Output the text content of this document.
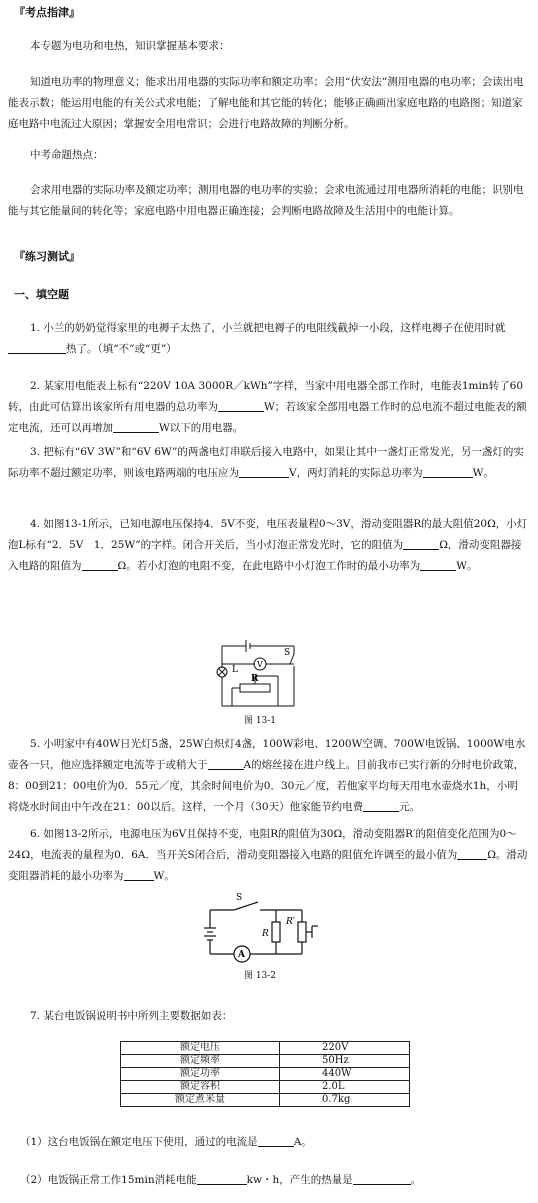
『考点指津』
本专题为电功和电热，知识掌握基本要求：
知道电功率的物理意义；能求出用电器的实际功率和额定功率；会用“伏安法”测用电器的电功率；会读出电能表示数；能运用电能的有关公式求电能；了解电能和其它能的转化；能够正确画出家庭电路的电路图；知道家庭电路中电流过大原因；掌握安全用电常识；会进行电路故障的判断分析。
中考命题热点：
会求用电器的实际功率及额定功率；测用电器的电功率的实验；会求电流通过用电器所消耗的电能；识别电能与其它能量间的转化等；家庭电路中用电器正确连接；会判断电路故障及生活用中的电能计算。
『练习测试』
一、填空题
1. 小兰的奶奶觉得家里的电褥子太热了，小兰就把电褥子的电阻线截掉一小段，这样电褥子在使用时就热了。（填“不”或“更”）
2. 某家用电能表上标有“220V 10A 3000R／kWh”字样，当家中用电器全部工作时，电能表1min转了60转，由此可估算出该家所有用电器的总功率为	W；若该家全部用电器工作时的总电流不超过电能表的额定电流，还可以再增加	W以下的用电器。
3. 把标有“6V 3W”和“6V 6W”的两盏电灯串联后接入电路中，如果让其中一盏灯正常发光，另一盏灯的实际功率不超过额定功率，则该电路两端的电压应为	V，两灯消耗的实际总功率为	W。
4. 如图13-1所示，已知电源电压保持4．5V不变，电压表量程0～3V，滑动变阻器R的最大阻值20Ω，小灯泡L标有“2．5V　1．25W”的字样。闭合开关后，当小灯泡正常发光时，它的阻值为	Ω，滑动变阻器接入电路的阻值为	Ω。若小灯泡的电阻不变，在此电路中小灯泡工作时的最小功率为	W。
L
V
S
R
图 13-1
5. 小明家中有40W日光灯5盏，25W白炽灯4盏，100W彩电、1200W空调、700W电饭锅、1000W电水壶各一只，他应选择额定电流等于或稍大于	A的熔丝接在进户线上。目前我市已实行新的分时电价政策，8：00到21：00电价为0．55元／度，其余时间电价为0．30元／度，若他家平均每天用电水壶烧水1h，小明将烧水时间由中午改在21：00以后。这样，一个月（30天）他家能节约电费	元。
6. 如图13-2所示，电源电压为6V且保持不变，电阻R的阻值为30Ω，滑动变阻器R′的阻值变化范围为0～24Ω，电流表的量程为0．6A．当开关S闭合后，滑动变阻器接入电路的阻值允许调至的最小值为	Ω。滑动变阻器消耗的最小功率为	W。
S
R
R′
A
图 13-2
7. 某台电饭锅说明书中所列主要数据如表：
额定电压	220V
额定频率	50Hz
额定功率	440W
额定容积	2.0L
额定煮米量	0.7kg
（1）这台电饭锅在额定电压下使用，通过的电流是	A。
（2）电饭锅正常工作15min消耗电能	kw・h，产生的热量是	。
